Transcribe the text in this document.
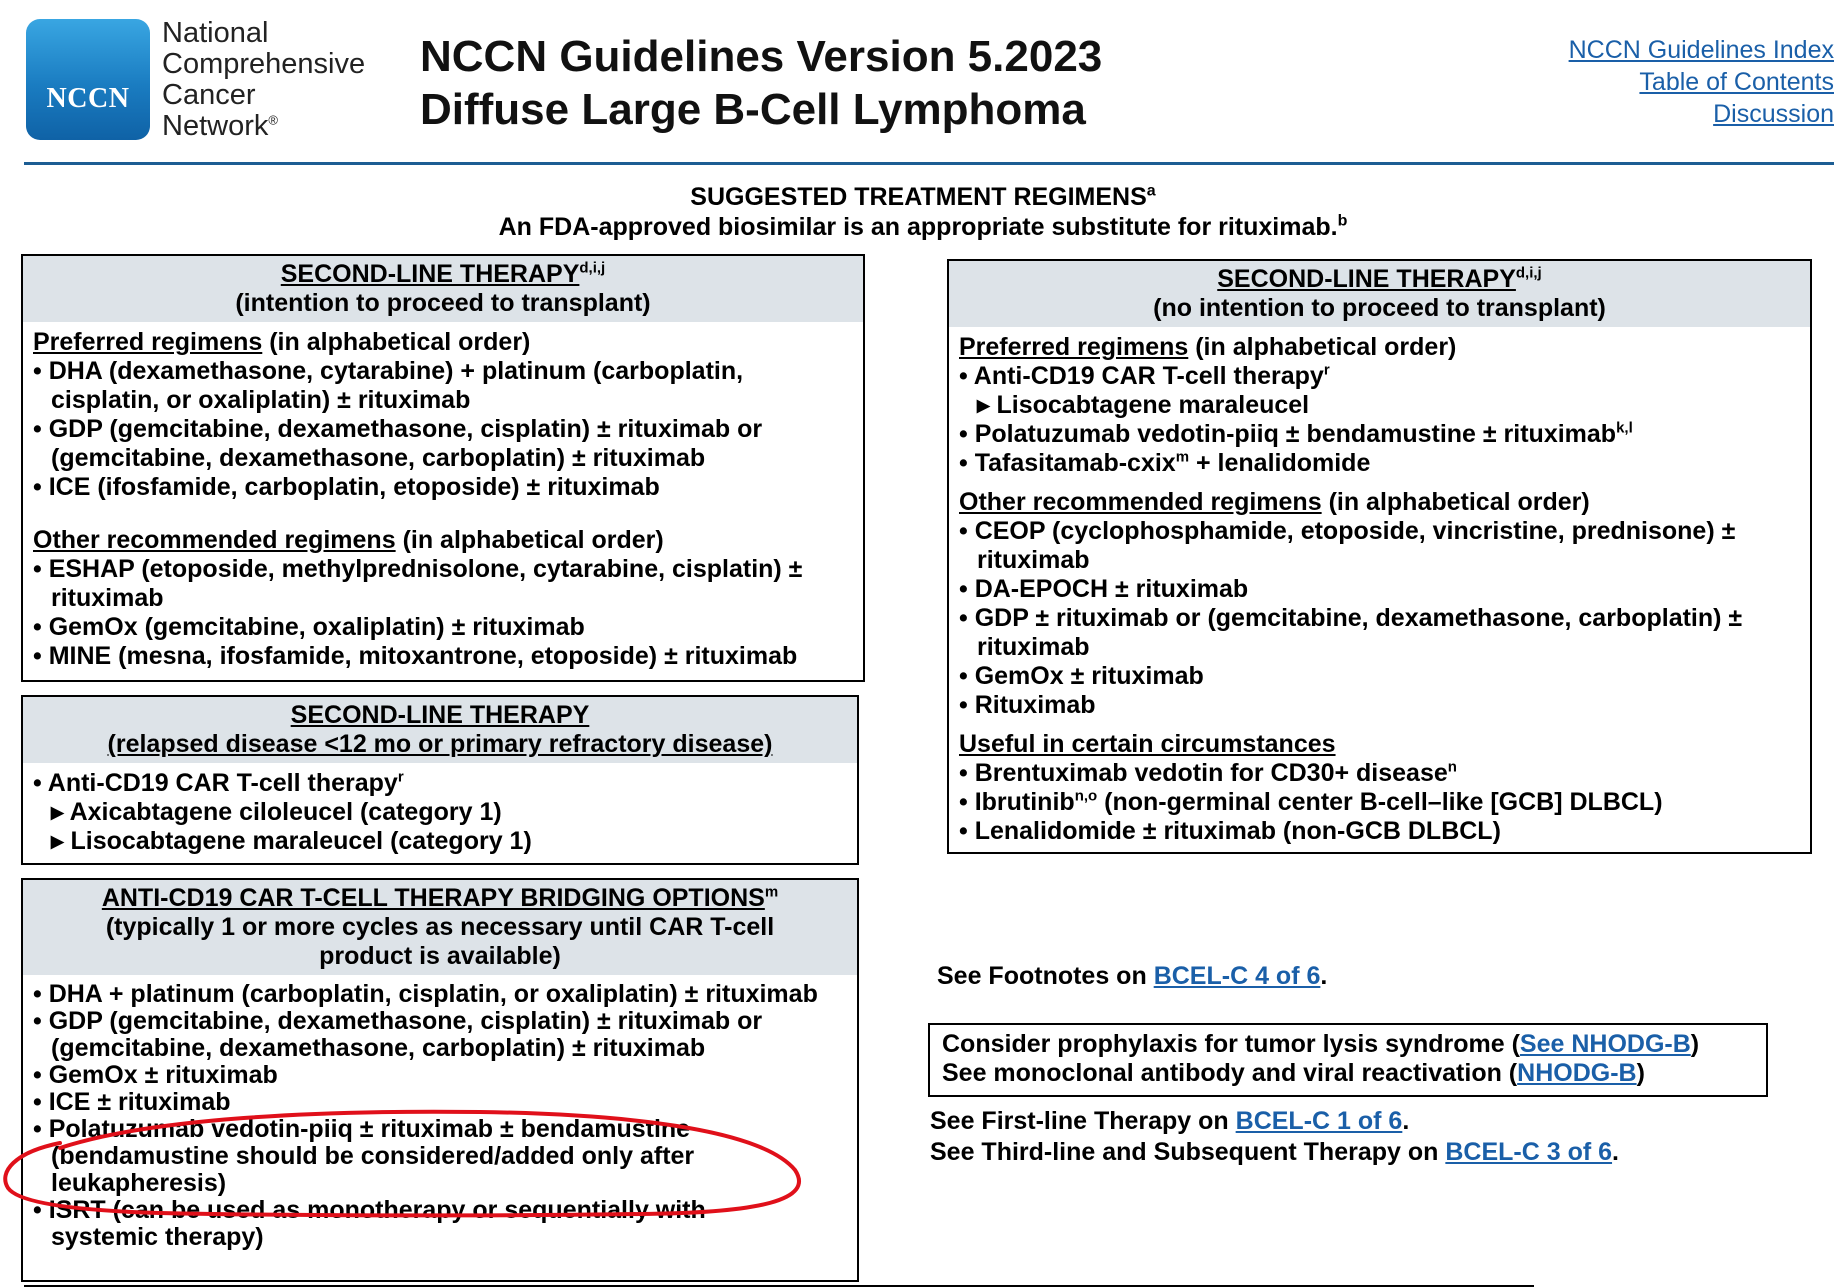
NCCN
National
Comprehensive
Cancer
Network®
NCCN Guidelines Version 5.2023
Diffuse Large B-Cell Lymphoma
NCCN Guidelines Index
Table of Contents
Discussion
SUGGESTED TREATMENT REGIMENS$^a$
An FDA-approved biosimilar is an appropriate substitute for rituximab.$^b$
SECOND-LINE THERAPY$^{d,i,j}$
(intention to proceed to transplant)
Preferred regimens (in alphabetical order)
• DHA (dexamethasone, cytarabine) + platinum (carboplatin, cisplatin, or oxaliplatin) ± rituximab
• GDP (gemcitabine, dexamethasone, cisplatin) ± rituximab or (gemcitabine, dexamethasone, carboplatin) ± rituximab
• ICE (ifosfamide, carboplatin, etoposide) ± rituximab
Other recommended regimens (in alphabetical order)
• ESHAP (etoposide, methylprednisolone, cytarabine, cisplatin) ± rituximab
• GemOx (gemcitabine, oxaliplatin) ± rituximab
• MINE (mesna, ifosfamide, mitoxantrone, etoposide) ± rituximab
SECOND-LINE THERAPY
(relapsed disease <12 mo or primary refractory disease)
• Anti-CD19 CAR T-cell therapy$^r$
▸ Axicabtagene ciloleucel (category 1)
▸ Lisocabtagene maraleucel (category 1)
ANTI-CD19 CAR T-CELL THERAPY BRIDGING OPTIONS$^m$
(typically 1 or more cycles as necessary until CAR T-cell product is available)
• DHA + platinum (carboplatin, cisplatin, or oxaliplatin) ± rituximab
• GDP (gemcitabine, dexamethasone, cisplatin) ± rituximab or (gemcitabine, dexamethasone, carboplatin) ± rituximab
• GemOx ± rituximab
• ICE ± rituximab
• Polatuzumab vedotin-piiq ± rituximab ± bendamustine (bendamustine should be considered/added only after leukapheresis)
• ISRT (can be used as monotherapy or sequentially with systemic therapy)
SECOND-LINE THERAPY$^{d,i,j}$
(no intention to proceed to transplant)
Preferred regimens (in alphabetical order)
• Anti-CD19 CAR T-cell therapy$^r$
▸ Lisocabtagene maraleucel
• Polatuzumab vedotin-piiq ± bendamustine ± rituximab$^{k,l}$
• Tafasitamab-cxix$^m$ + lenalidomide
Other recommended regimens (in alphabetical order)
• CEOP (cyclophosphamide, etoposide, vincristine, prednisone) ± rituximab
• DA-EPOCH ± rituximab
• GDP ± rituximab or (gemcitabine, dexamethasone, carboplatin) ± rituximab
• GemOx ± rituximab
• Rituximab
Useful in certain circumstances
• Brentuximab vedotin for CD30+ disease$^n$
• Ibrutinib$^{n,o}$ (non-germinal center B-cell–like [GCB] DLBCL)
• Lenalidomide ± rituximab (non-GCB DLBCL)
See Footnotes on BCEL-C 4 of 6.
Consider prophylaxis for tumor lysis syndrome (See NHODG-B)
See monoclonal antibody and viral reactivation (NHODG-B)
See First-line Therapy on BCEL-C 1 of 6.
See Third-line and Subsequent Therapy on BCEL-C 3 of 6.
